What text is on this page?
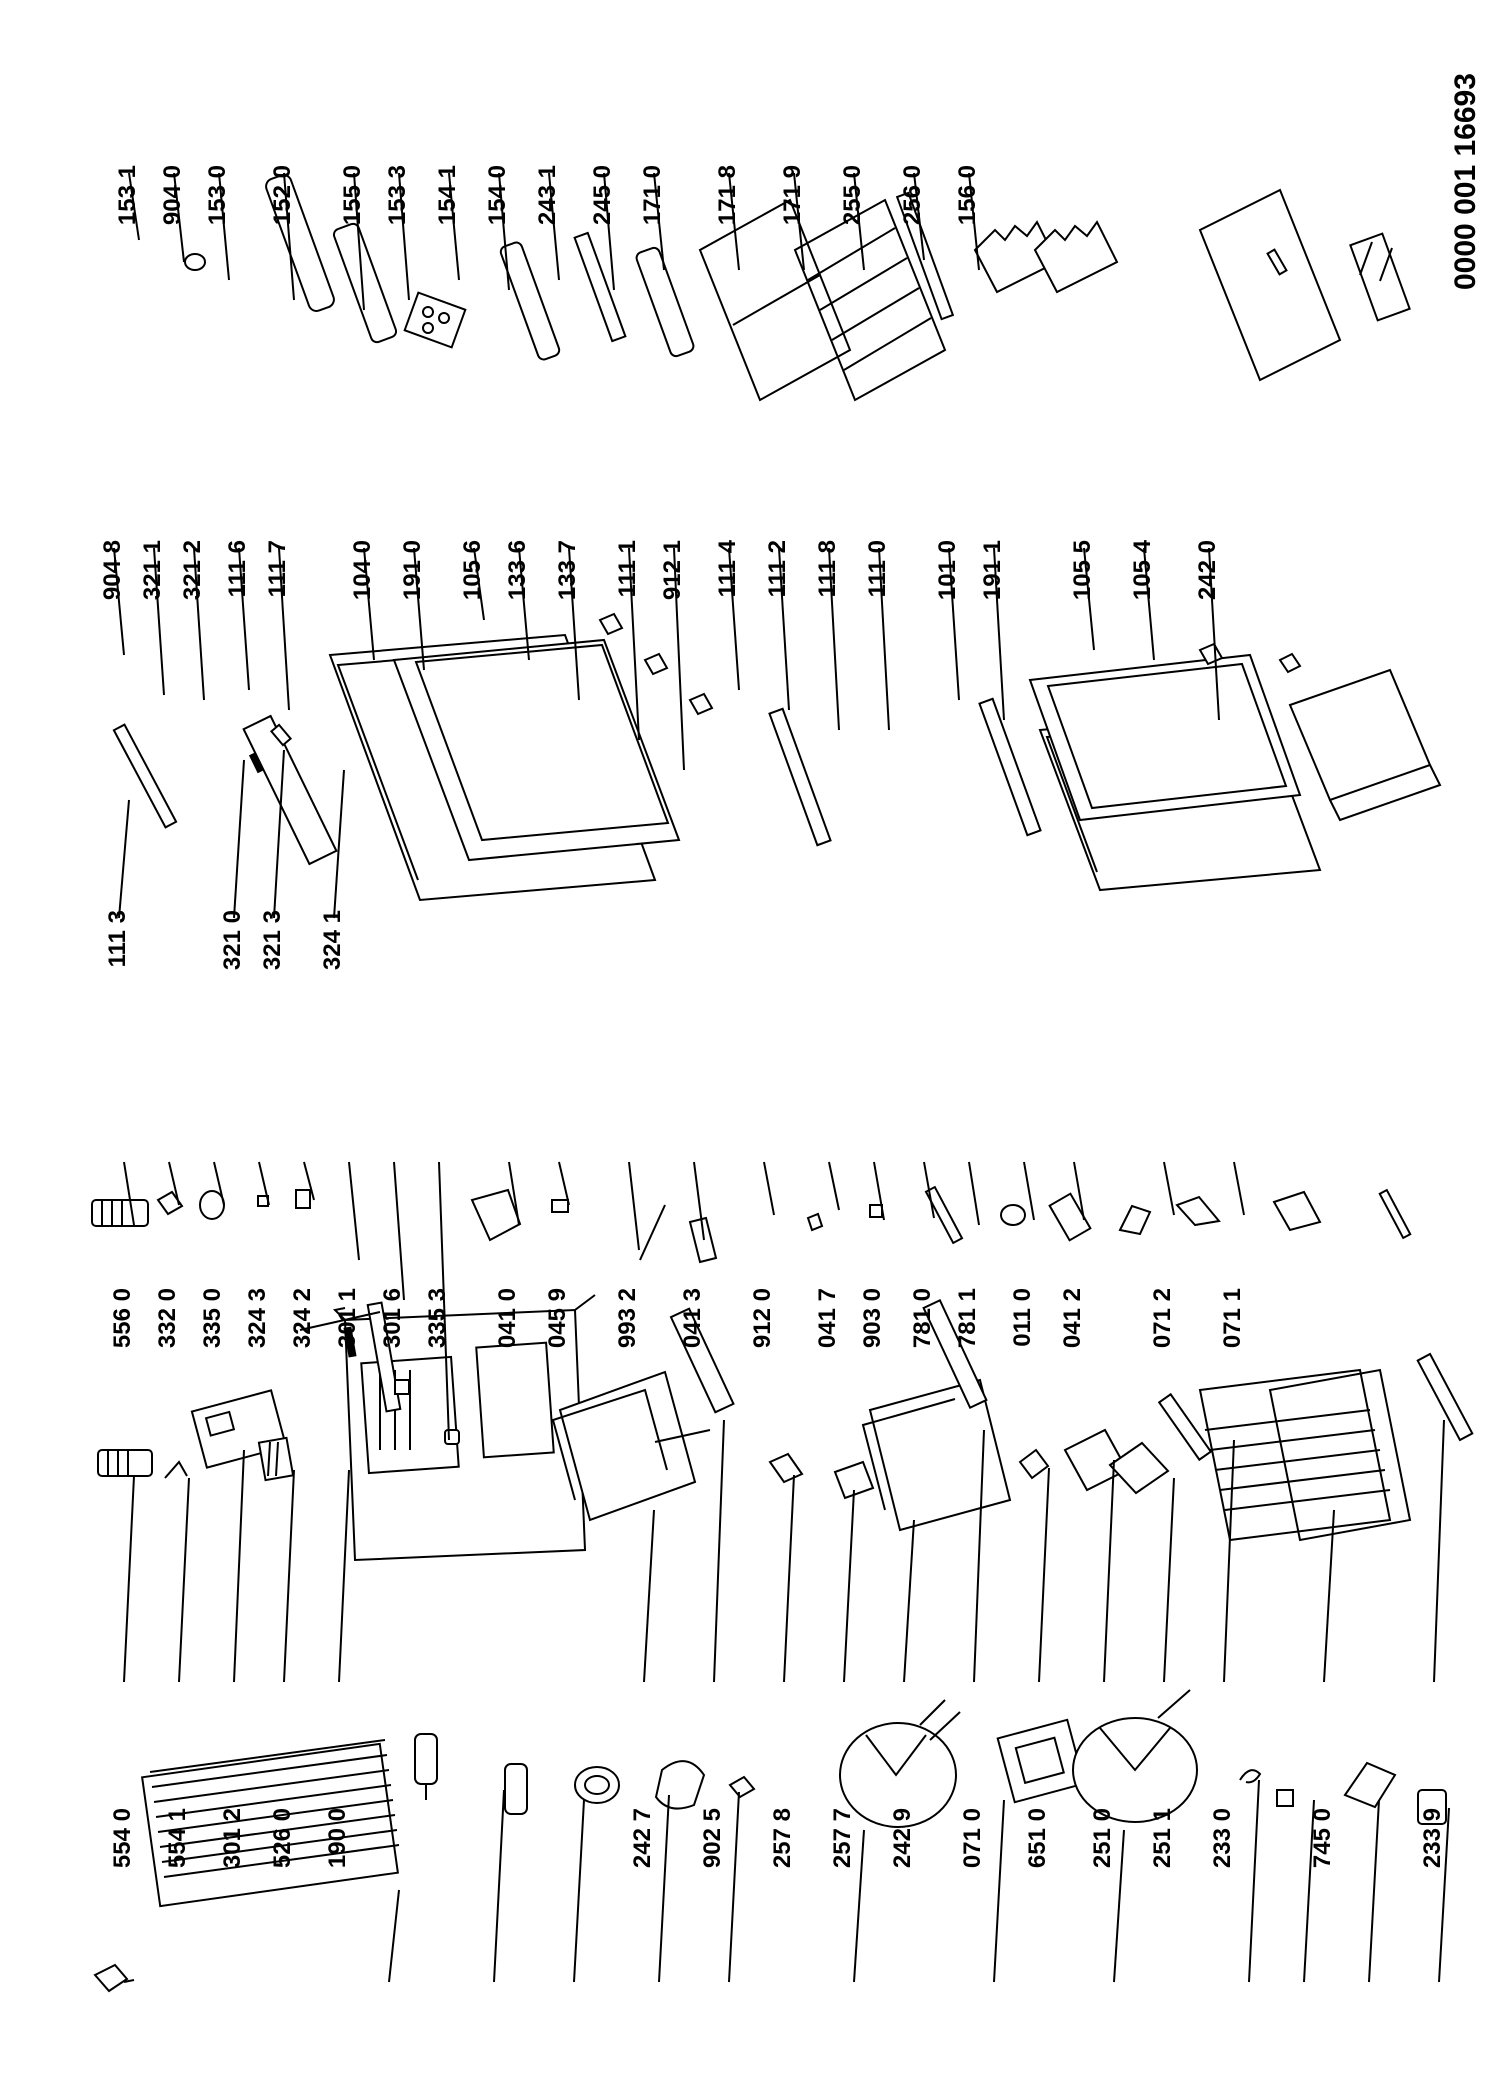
554 0 554 1 301 2 526 0 190 0	242 7 902 5 257 8 257 7 242 9 071 0 651 0 251 0 251 1 233 0	745 0	233 9
556 0 332 0 335 0 324 3 324 2 301 1 301 6 335 3 041 0 045 9 993 2 041 3 912 0 041 7 903 0 781 0 781 1 011 0 041 2	071 2 071 1
111 3	321 0 321 3 324 1
904 8 321 1 321 2 111 6 111 7 104 0 191 0 105 6 133 6 133 7 111 1 912 1 111 4 111 2 111 8 111 0 101 0 191 1	105 5 105 4 242 0
153 1 904 0 153 0 152 0 155 0 153 3 154 1 154 0 243 1 245 0 171 0 171 8 171 9 255 0 256 0 156 0	0000 001 16693
